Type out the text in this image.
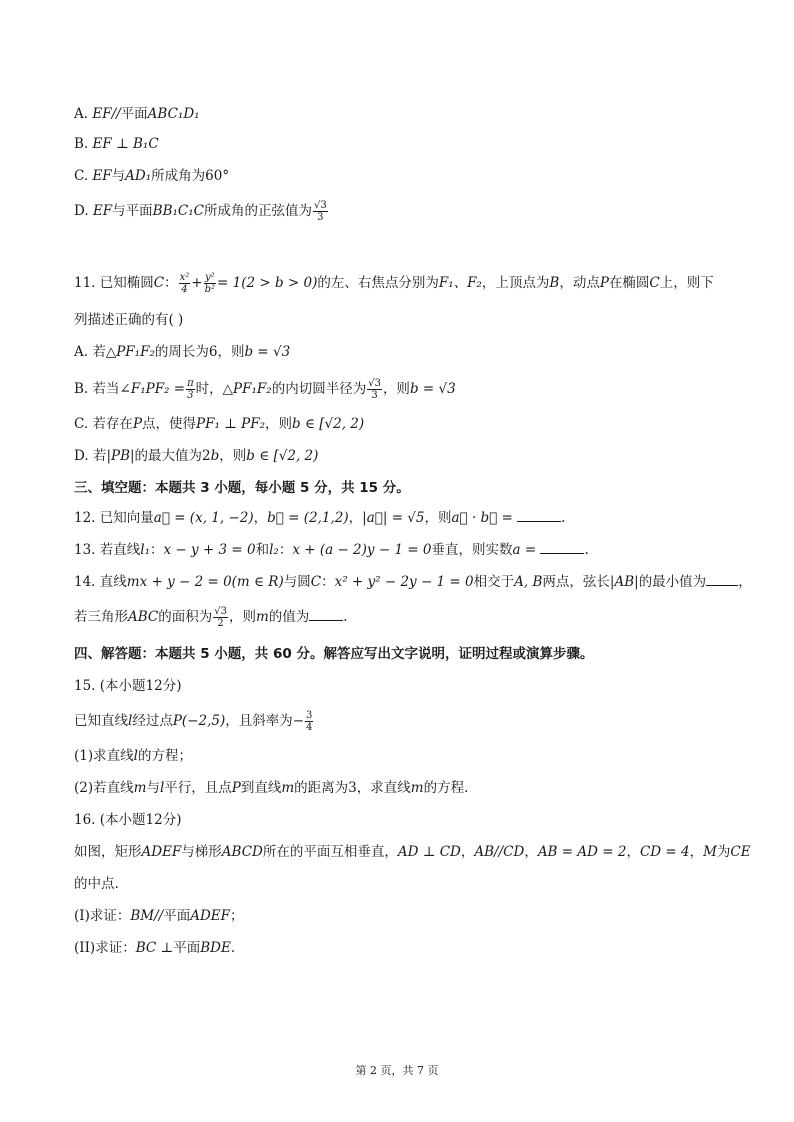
A. EF//平面ABC₁D₁
B. EF ⊥ B₁C
C. EF与AD₁所成角为60°
D. EF与平面BB₁C₁C所成角的正弦值为 $\frac{√3}{3}$
11. 已知椭圆C： $\frac{\text{x²}}{4} + \frac{\text{y²}}{\text{b²}} = 1(2 > b > 0)$的左、右焦点分别为F₁、F₂，上顶点为B，动点P在椭圆C上，则下
列描述正确的有( )
A. 若△PF₁F₂的周长为6，则b = √3
B. 若当∠F₁PF₂ = $\frac{\pi}{3}$ 时，△PF₁F₂的内切圆半径为 $\frac{√3}{3}$ ，则b = √3
C. 若存在P点，使得PF₁ ⊥ PF₂，则b ∈ [√2, 2)
D. 若|PB|的最大值为2b，则b ∈ [√2, 2)
三、填空题：本题共 3 小题，每小题 5 分，共 15 分。
12. 已知向量a⃗ = (x, 1, −2)，b⃗ = (2,1,2)，|a⃗| = √5，则a⃗ · b⃗ =	.
13. 若直线l₁：x − y + 3 = 0和l₂：x + (a − 2)y − 1 = 0垂直，则实数a =	.
14. 直线mx + y − 2 = 0(m ∈ R)与圆C：x² + y² − 2y − 1 = 0相交于A, B两点，弦长|AB|的最小值为 ，
若三角形ABC的面积为 $\frac{√3}{2}$ ，则m的值为	.
四、解答题：本题共 5 小题，共 60 分。解答应写出文字说明，证明过程或演算步骤。
15. (本小题12分)
已知直线l经过点P(−2,5)，且斜率为− $\frac{3}{4}$
(1)求直线l的方程；
(2)若直线m与l平行，且点P到直线m的距离为3，求直线m的方程.
16. (本小题12分)
如图，矩形ADEF与梯形ABCD所在的平面互相垂直，AD ⊥ CD，AB//CD，AB = AD = 2，CD = 4，M为CE
的中点.
(I)求证：BM//平面ADEF；
(II)求证：BC ⊥平面BDE.
第 2 页，共 7 页
